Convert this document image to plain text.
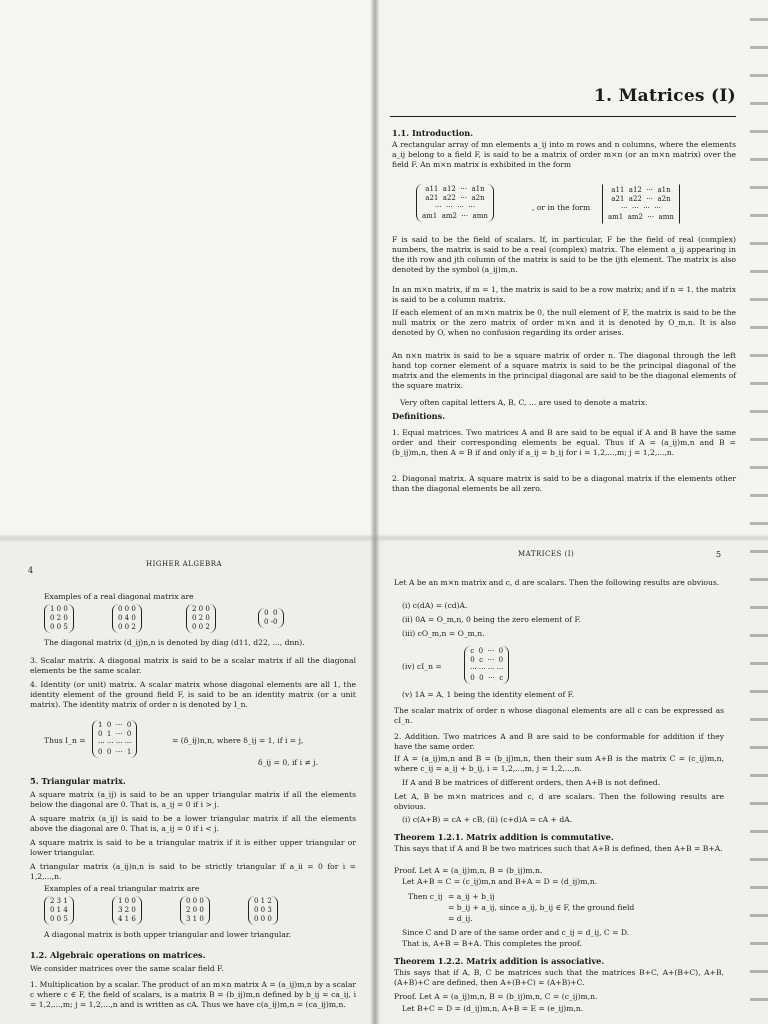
1. Matrices (I)
1.1. Introduction.
A rectangular array of mn elements a_ij into m rows and n columns, where the elements a_ij belong to a field F, is said to be a matrix of order m×n (or an m×n matrix) over the field F. An m×n matrix is exhibited in the form
a11  a12  ···  a1n
a21  a22  ···  a2n
···  ···  ···  ···
am1  am2  ···  amn
, or in the form
a11  a12  ···  a1n
a21  a22  ···  a2n
···  ···  ···  ···
am1  am2  ···  amn
F is said to be the field of scalars. If, in particular, F be the field of real (complex) numbers, the matrix is said to be a real (complex) matrix. The element a_ij appearing in the ith row and jth column of the matrix is said to be the ijth element. The matrix is also denoted by the symbol (a_ij)m,n.
In an m×n matrix, if m = 1, the matrix is said to be a row matrix; and if n = 1, the matrix is said to be a column matrix.
If each element of an m×n matrix be 0, the null element of F, the matrix is said to be the null matrix or the zero matrix of order m×n and it is denoted by O_m,n. It is also denoted by O, when no confusion regarding its order arises.
An n×n matrix is said to be a square matrix of order n. The diagonal through the left hand top corner element of a square matrix is said to be the principal diagonal of the matrix and the elements in the principal diagonal are said to be the diagonal elements of the square matrix.
Very often capital letters A, B, C, ... are used to denote a matrix.
Definitions.
1. Equal matrices. Two matrices A and B are said to be equal if A and B have the same order and their corresponding elements be equal. Thus if A = (a_ij)m,n and B = (b_ij)m,n, then A = B if and only if a_ij = b_ij for i = 1,2,...,m; j = 1,2,...,n.
2. Diagonal matrix. A square matrix is said to be a diagonal matrix if the elements other than the diagonal elements be all zero.
4
HIGHER ALGEBRA
Examples of a real diagonal matrix are
1 0 0
0 2 0
0 0 5
0 0 0
0 4 0
0 0 2
2 0 0
0 2 0
0 0 2
0  0
0 -0
The diagonal matrix (d_ij)n,n is denoted by diag (d11, d22, ..., dnn).
3. Scalar matrix. A diagonal matrix is said to be a scalar matrix if all the diagonal elements be the same scalar.
4. Identity (or unit) matrix. A scalar matrix whose diagonal elements are all 1, the identity element of the ground field F, is said to be an identity matrix (or a unit matrix). The identity matrix of order n is denoted by I_n.
Thus I_n =
1  0  ···  0
0  1  ···  0
··· ··· ··· ···
0  0  ···  1
= (δ_ij)n,n, where δ_ij = 1, if i = j,
δ_ij = 0, if i ≠ j.
5. Triangular matrix.
A square matrix (a_ij) is said to be an upper triangular matrix if all the elements below the diagonal are 0. That is, a_ij = 0 if i > j.
A square matrix (a_ij) is said to be a lower triangular matrix if all the elements above the diagonal are 0. That is, a_ij = 0 if i < j.
A square matrix is said to be a triangular matrix if it is either upper triangular or lower triangular.
A triangular matrix (a_ij)n,n is said to be strictly triangular if a_ii = 0 for i = 1,2,...,n.
Examples of a real triangular matrix are
2 3 1
0 1 4
0 0 5
1 0 0
3 2 0
4 1 6
0 0 0
2 0 0
3 1 0
0 1 2
0 0 3
0 0 0
A diagonal matrix is both upper triangular and lower triangular.
1.2. Algebraic operations on matrices.
We consider matrices over the same scalar field F.
1. Multiplication by a scalar. The product of an m×n matrix A = (a_ij)m,n by a scalar c where c ∈ F, the field of scalars, is a matrix B = (b_ij)m,n defined by b_ij = ca_ij, i = 1,2,...,m; j = 1,2,...,n and is written as cA. Thus we have c(a_ij)m,n = (ca_ij)m,n.
MATRICES (I)	5
Let A be an m×n matrix and c, d are scalars. Then the following results are obvious.
(i) c(dA) = (cd)A.
(ii) 0A = O_m,n, 0 being the zero element of F.
(iii) cO_m,n = O_m,n.
(iv) cI_n =
c  0  ···  0
0  c  ···  0
··· ··· ··· ···
0  0  ···  c
(v) 1A = A, 1 being the identity element of F.
The scalar matrix of order n whose diagonal elements are all c can be expressed as cI_n.
2. Addition. Two matrices A and B are said to be conformable for addition if they have the same order.
If A = (a_ij)m,n and B = (b_ij)m,n, then their sum A+B is the matrix C = (c_ij)m,n, where c_ij = a_ij + b_ij, i = 1,2,...,m, j = 1,2,...,n.
If A and B be matrices of different orders, then A+B is not defined.
Let A, B be m×n matrices and c, d are scalars. Then the following results are obvious.
(i) c(A+B) = cA + cB, (ii) (c+d)A = cA + dA.
Theorem 1.2.1. Matrix addition is commutative.
This says that if A and B be two matrices such that A+B is defined, then A+B = B+A.
Proof. Let A = (a_ij)m,n, B = (b_ij)m,n.
Let A+B = C = (c_ij)m,n and B+A = D = (d_ij)m,n.
Then c_ij = a_ij + b_ij
= b_ij + a_ij, since a_ij, b_ij ∈ F, the ground field
= d_ij.
Since C and D are of the same order and c_ij = d_ij, C = D.
That is, A+B = B+A. This completes the proof.
Theorem 1.2.2. Matrix addition is associative.
This says that if A, B, C be matrices such that the matrices B+C, A+(B+C), A+B, (A+B)+C are defined, then A+(B+C) = (A+B)+C.
Proof. Let A = (a_ij)m,n, B = (b_ij)m,n, C = (c_ij)m,n.
Let B+C = D = (d_ij)m,n, A+B = E = (e_ij)m,n.
